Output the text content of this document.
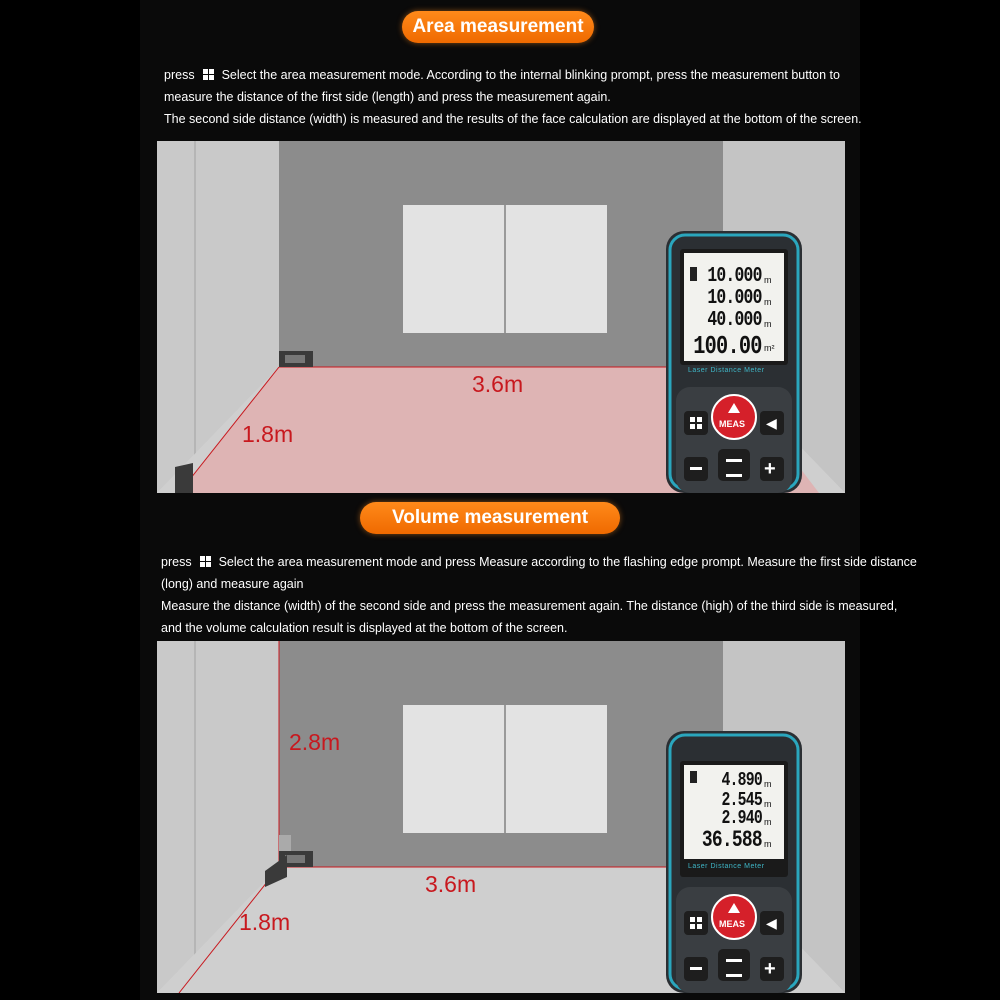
Area measurement

press Select the area measurement mode. According to the internal blinking prompt, press the measurement button to

measure the distance of the first side (length) and press the measurement again.

The second side distance (width) is measured and the results of the face calculation are displayed at the bottom of the screen.

3.6m
1.8m
10.000
10.000
40.000
100.00
m
m
m
m²
Laser Distance Meter
MEAS ◀
+
Volume measurement

press Select the area measurement mode and press Measure according to the flashing edge prompt. Measure the first side distance

(long) and measure again

Measure the distance (width) of the second side and press the measurement again. The distance (high) of the third side is measured,

and the volume calculation result is displayed at the bottom of the screen.

2.8m
3.6m
1.8m
4.890
2.545
2.940
36.588
m
m
m
m
Laser Distance Meter
MEAS ◀
+
